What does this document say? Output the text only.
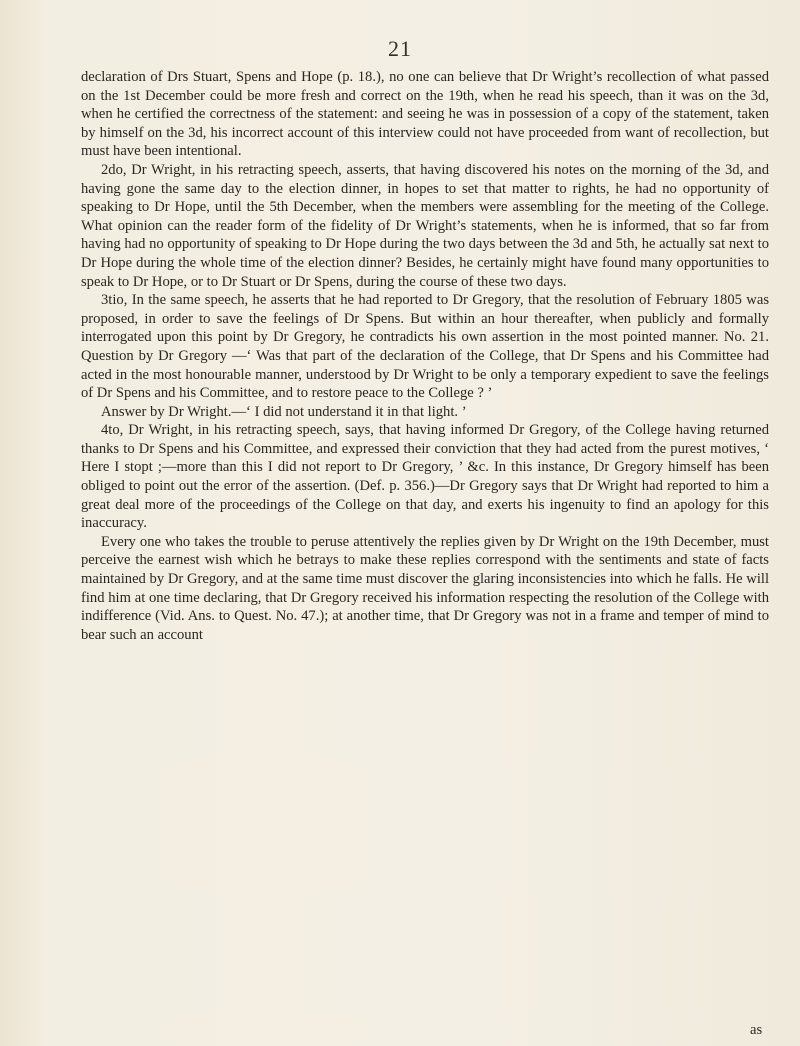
21

declaration of Drs Stuart, Spens and Hope (p. 18.), no one can believe that Dr Wright’s recollection of what passed on the 1st December could be more fresh and correct on the 19th, when he read his speech, than it was on the 3d, when he certified the correctness of the statement: and seeing he was in possession of a copy of the statement, taken by himself on the 3d, his incorrect account of this interview could not have proceeded from want of recollection, but must have been intentional.

2do, Dr Wright, in his retracting speech, asserts, that having discovered his notes on the morning of the 3d, and having gone the same day to the election dinner, in hopes to set that matter to rights, he had no opportunity of speaking to Dr Hope, until the 5th December, when the members were assembling for the meeting of the College. What opinion can the reader form of the fidelity of Dr Wright’s statements, when he is informed, that so far from having had no opportunity of speaking to Dr Hope during the two days between the 3d and 5th, he actually sat next to Dr Hope during the whole time of the election dinner? Besides, he certainly might have found many opportunities to speak to Dr Hope, or to Dr Stuart or Dr Spens, during the course of these two days.

3tio, In the same speech, he asserts that he had reported to Dr Gregory, that the resolution of February 1805 was proposed, in order to save the feelings of Dr Spens. But within an hour thereafter, when publicly and formally interrogated upon this point by Dr Gregory, he contradicts his own assertion in the most pointed manner. No. 21. Question by Dr Gregory —‘ Was that part of the declaration of the College, that Dr Spens and his Committee had acted in the most honourable manner, understood by Dr Wright to be only a temporary expedient to save the feelings of Dr Spens and his Committee, and to restore peace to the College ? ’

Answer by Dr Wright.—‘ I did not understand it in that light. ’

4to, Dr Wright, in his retracting speech, says, that having informed Dr Gregory, of the College having returned thanks to Dr Spens and his Committee, and expressed their conviction that they had acted from the purest motives, ‘ Here I stopt ;—more than this I did not report to Dr Gregory, ’ &c. In this instance, Dr Gregory himself has been obliged to point out the error of the assertion. (Def. p. 356.)—Dr Gregory says that Dr Wright had reported to him a great deal more of the proceedings of the College on that day, and exerts his ingenuity to find an apology for this inaccuracy.

Every one who takes the trouble to peruse attentively the replies given by Dr Wright on the 19th December, must perceive the earnest wish which he betrays to make these replies correspond with the sentiments and state of facts maintained by Dr Gregory, and at the same time must discover the glaring inconsistencies into which he falls. He will find him at one time declaring, that Dr Gregory received his information respecting the resolution of the College with indifference (Vid. Ans. to Quest. No. 47.); at another time, that Dr Gregory was not in a frame and temper of mind to bear such an account

as
